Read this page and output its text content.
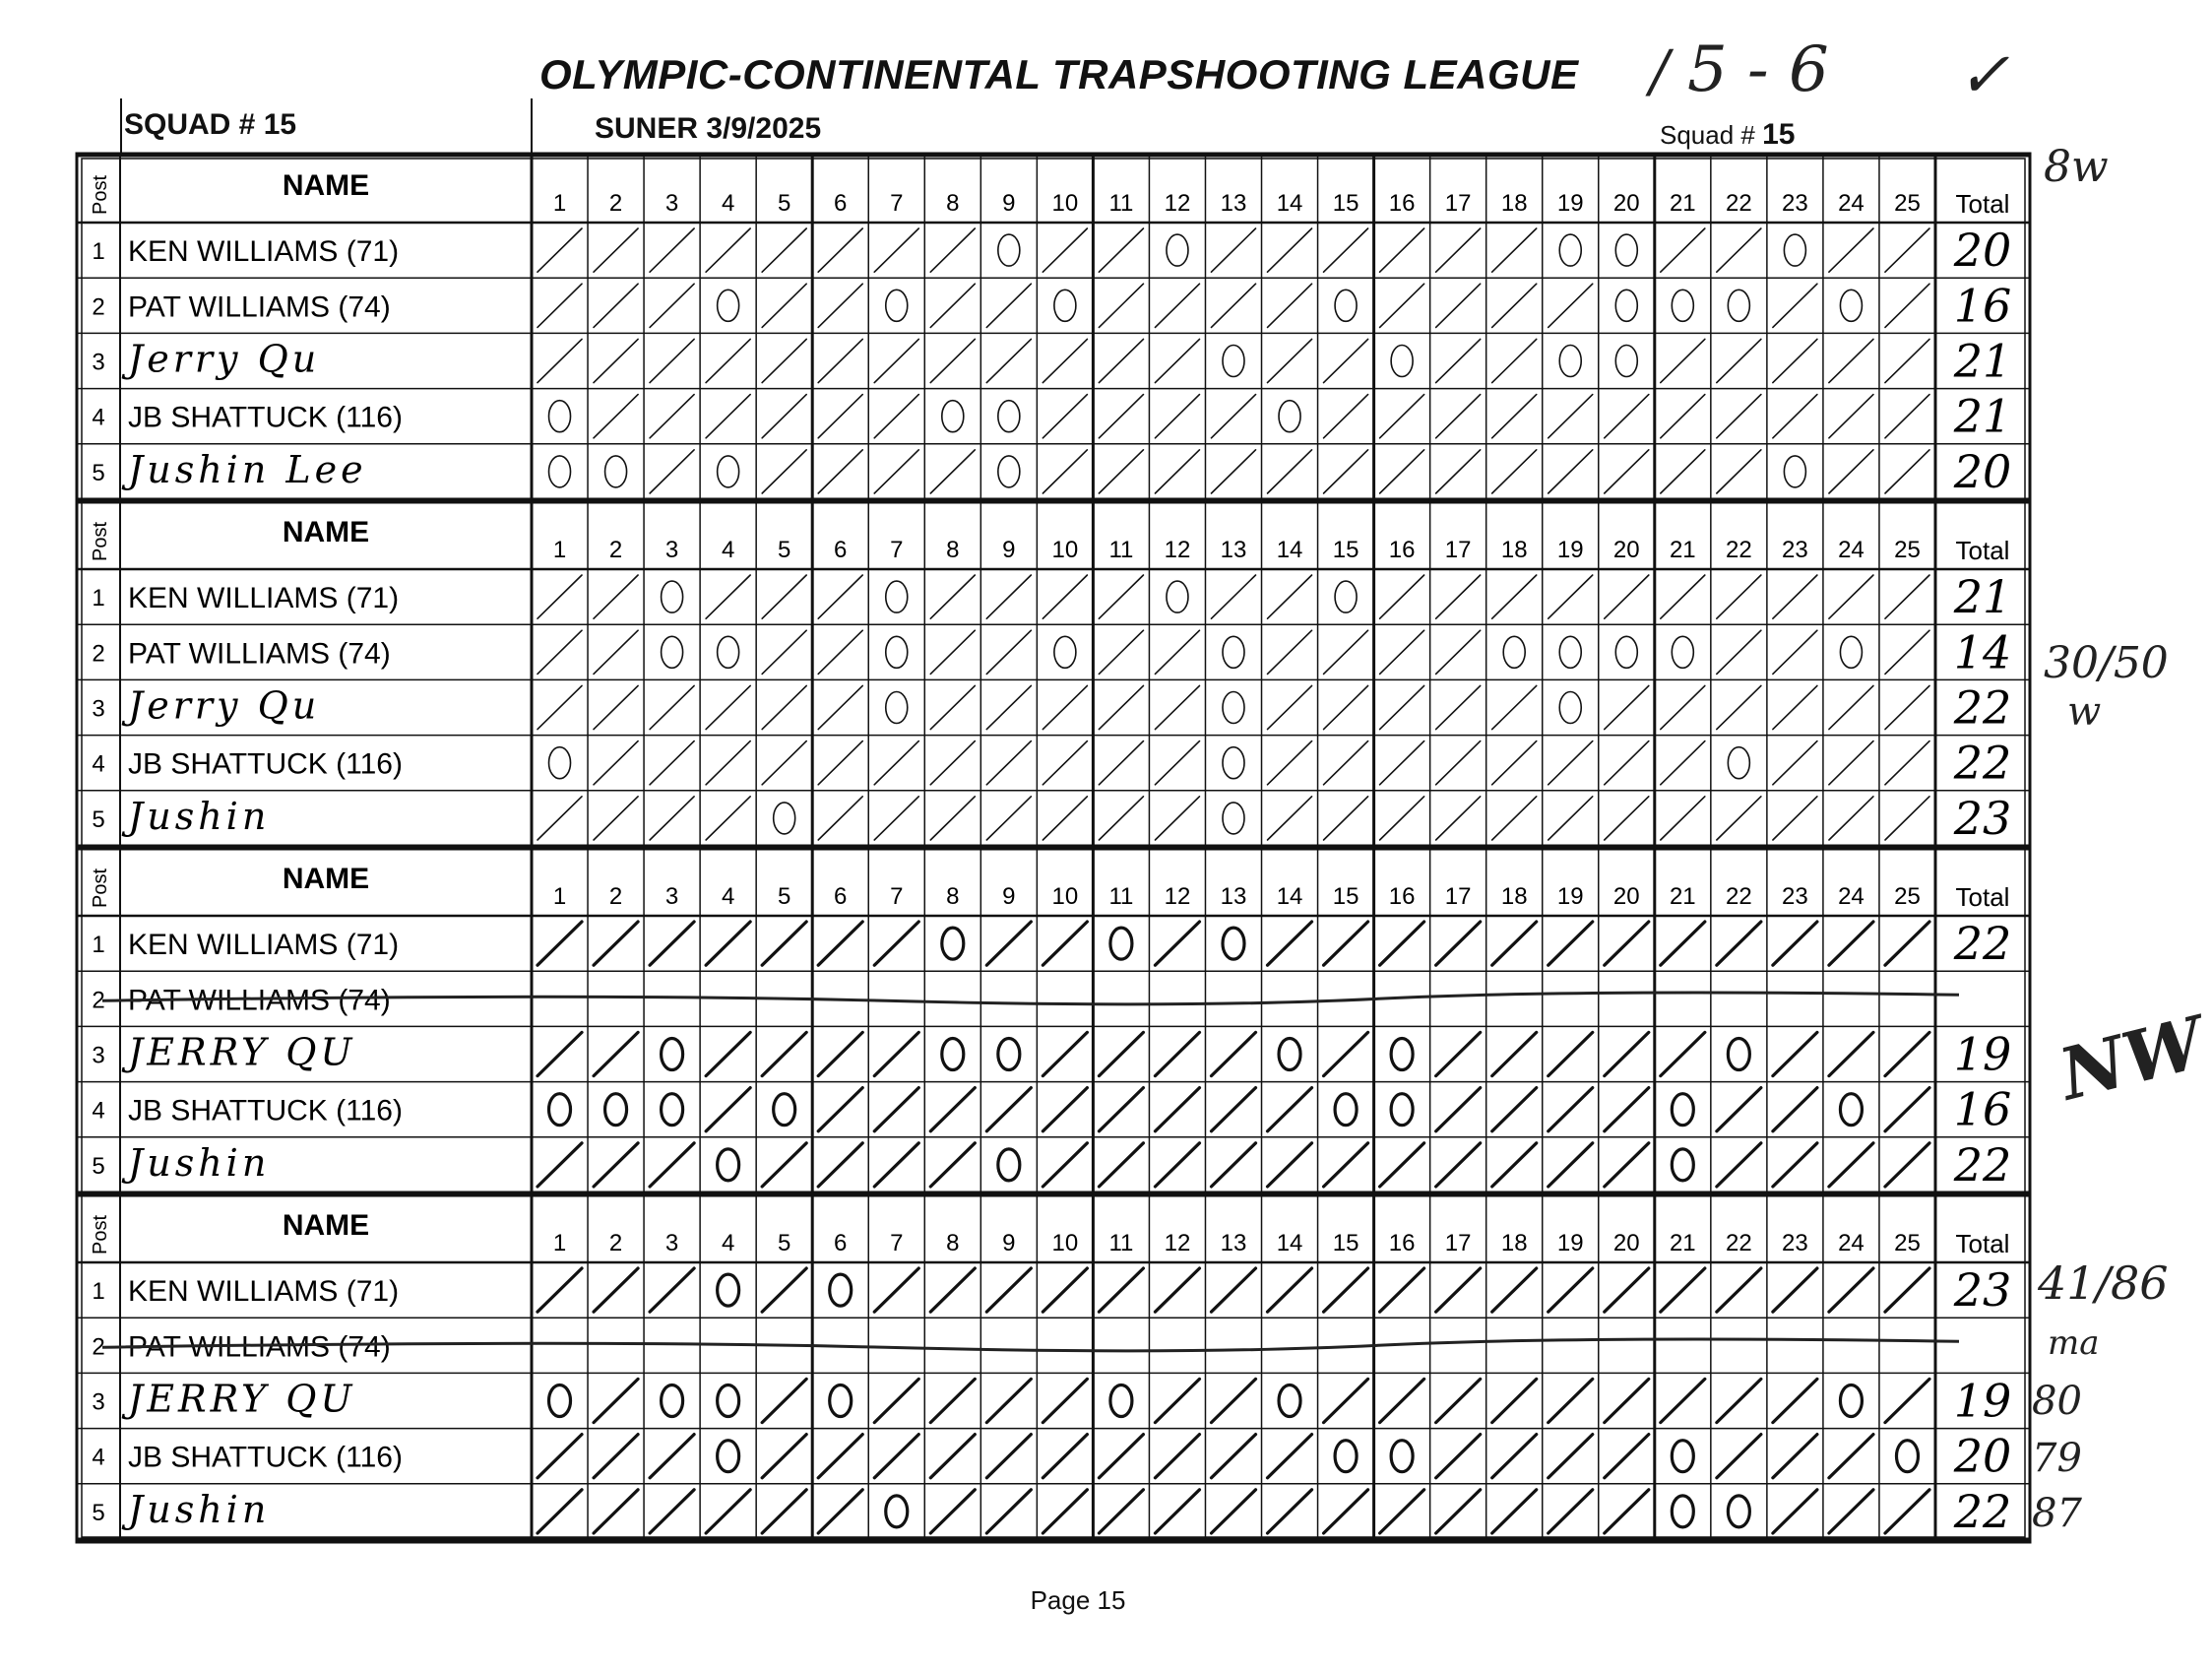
OLYMPIC-CONTINENTAL TRAPSHOOTING LEAGUE / 5 - 6 ✓
SQUAD # 15	SUNER 3/9/2025	Squad # 15
Post	NAME
1 2 3 4 5 6 7 8 9 10 11 12 13 14 15 16 17 18 19 20 21 22 23 24 25 Total
1 KEN WILLIAMS (71)	20
2 PAT WILLIAMS (74)	16
3 Jerry Qu	21
4 JB SHATTUCK (116)	21
5 Jushin Lee	20
Post	NAME
1 2 3 4 5 6 7 8 9 10 11 12 13 14 15 16 17 18 19 20 21 22 23 24 25 Total
1 KEN WILLIAMS (71)	21
2 PAT WILLIAMS (74)	14
3 Jerry Qu	22
4 JB SHATTUCK (116)	22
5 Jushin	23
Post	NAME
1 2 3 4 5 6 7 8 9 10 11 12 13 14 15 16 17 18 19 20 21 22 23 24 25 Total
1 KEN WILLIAMS (71)	22
2 PAT WILLIAMS (74)
3 JERRY QU	19
4 JB SHATTUCK (116)	16
5 Jushin	22
Post	NAME
1 2 3 4 5 6 7 8 9 10 11 12 13 14 15 16 17 18 19 20 21 22 23 24 25 Total
1 KEN WILLIAMS (71)	23
2 PAT WILLIAMS (74)
3 JERRY QU	19
4 JB SHATTUCK (116)	20
5 Jushin	22
8w
30/50
w
NW
41/86
ma
80
79
87
Page 15
